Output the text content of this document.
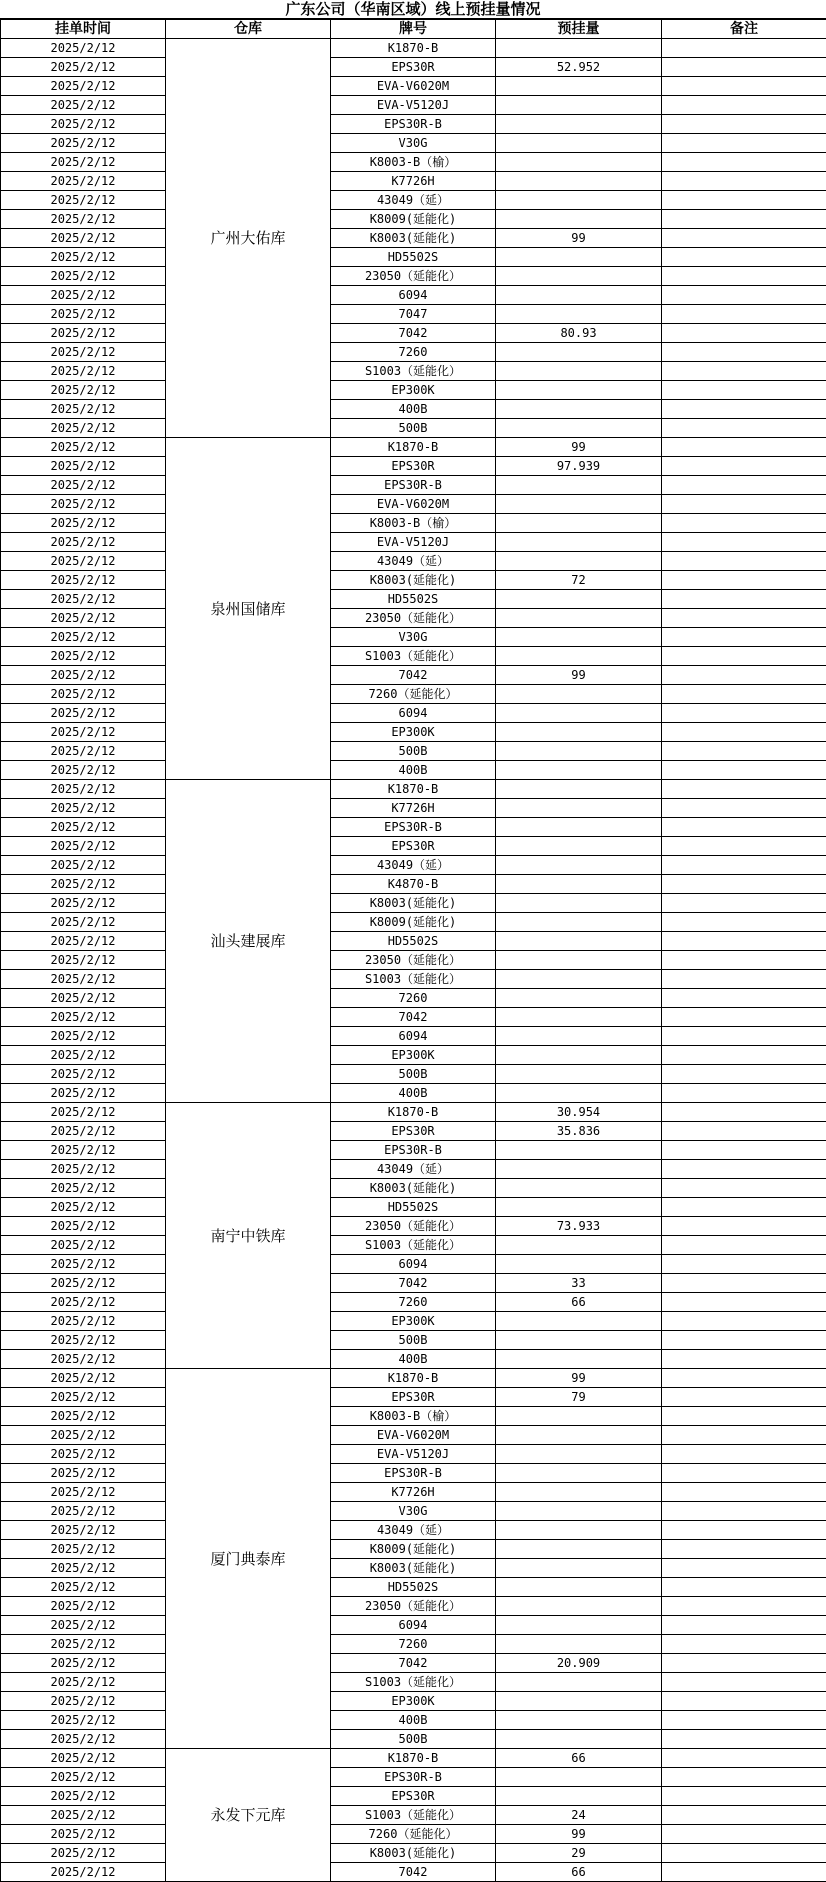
广东公司（华南区域）线上预挂量情况
挂单时间	仓库	牌号	预挂量	备注
2025/2/12	广州大佑库	K1870-B		
2025/2/12		EPS30R	52.952	
2025/2/12		EVA-V6020M		
2025/2/12		EVA-V5120J		
2025/2/12		EPS30R-B		
2025/2/12		V30G		
2025/2/12		K8003-B（榆）		
2025/2/12		K7726H		
2025/2/12		43049（延）		
2025/2/12		K8009(延能化)		
2025/2/12		K8003(延能化)	99	
2025/2/12		HD5502S		
2025/2/12		23050（延能化）		
2025/2/12		6094		
2025/2/12		7047		
2025/2/12		7042	80.93	
2025/2/12		7260		
2025/2/12		S1003（延能化）		
2025/2/12		EP300K		
2025/2/12		400B		
2025/2/12		500B		
2025/2/12	泉州国储库	K1870-B	99	
2025/2/12		EPS30R	97.939	
2025/2/12		EPS30R-B		
2025/2/12		EVA-V6020M		
2025/2/12		K8003-B（榆）		
2025/2/12		EVA-V5120J		
2025/2/12		43049（延）		
2025/2/12		K8003(延能化)	72	
2025/2/12		HD5502S		
2025/2/12		23050（延能化）		
2025/2/12		V30G		
2025/2/12		S1003（延能化）		
2025/2/12		7042	99	
2025/2/12		7260（延能化）		
2025/2/12		6094		
2025/2/12		EP300K		
2025/2/12		500B		
2025/2/12		400B		
2025/2/12	汕头建展库	K1870-B		
2025/2/12		K7726H		
2025/2/12		EPS30R-B		
2025/2/12		EPS30R		
2025/2/12		43049（延）		
2025/2/12		K4870-B		
2025/2/12		K8003(延能化)		
2025/2/12		K8009(延能化)		
2025/2/12		HD5502S		
2025/2/12		23050（延能化）		
2025/2/12		S1003（延能化）		
2025/2/12		7260		
2025/2/12		7042		
2025/2/12		6094		
2025/2/12		EP300K		
2025/2/12		500B		
2025/2/12		400B		
2025/2/12	南宁中铁库	K1870-B	30.954	
2025/2/12		EPS30R	35.836	
2025/2/12		EPS30R-B		
2025/2/12		43049（延）		
2025/2/12		K8003(延能化)		
2025/2/12		HD5502S		
2025/2/12		23050（延能化）	73.933	
2025/2/12		S1003（延能化）		
2025/2/12		6094		
2025/2/12		7042	33	
2025/2/12		7260	66	
2025/2/12		EP300K		
2025/2/12		500B		
2025/2/12		400B		
2025/2/12	厦门典泰库	K1870-B	99	
2025/2/12		EPS30R	79	
2025/2/12		K8003-B（榆）		
2025/2/12		EVA-V6020M		
2025/2/12		EVA-V5120J		
2025/2/12		EPS30R-B		
2025/2/12		K7726H		
2025/2/12		V30G		
2025/2/12		43049（延）		
2025/2/12		K8009(延能化)		
2025/2/12		K8003(延能化)		
2025/2/12		HD5502S		
2025/2/12		23050（延能化）		
2025/2/12		6094		
2025/2/12		7260		
2025/2/12		7042	20.909	
2025/2/12		S1003（延能化）		
2025/2/12		EP300K		
2025/2/12		400B		
2025/2/12		500B		
2025/2/12	永发下元库	K1870-B	66	
2025/2/12		EPS30R-B		
2025/2/12		EPS30R		
2025/2/12		S1003（延能化）	24	
2025/2/12		7260（延能化）	99	
2025/2/12		K8003(延能化)	29	
2025/2/12		7042	66	
